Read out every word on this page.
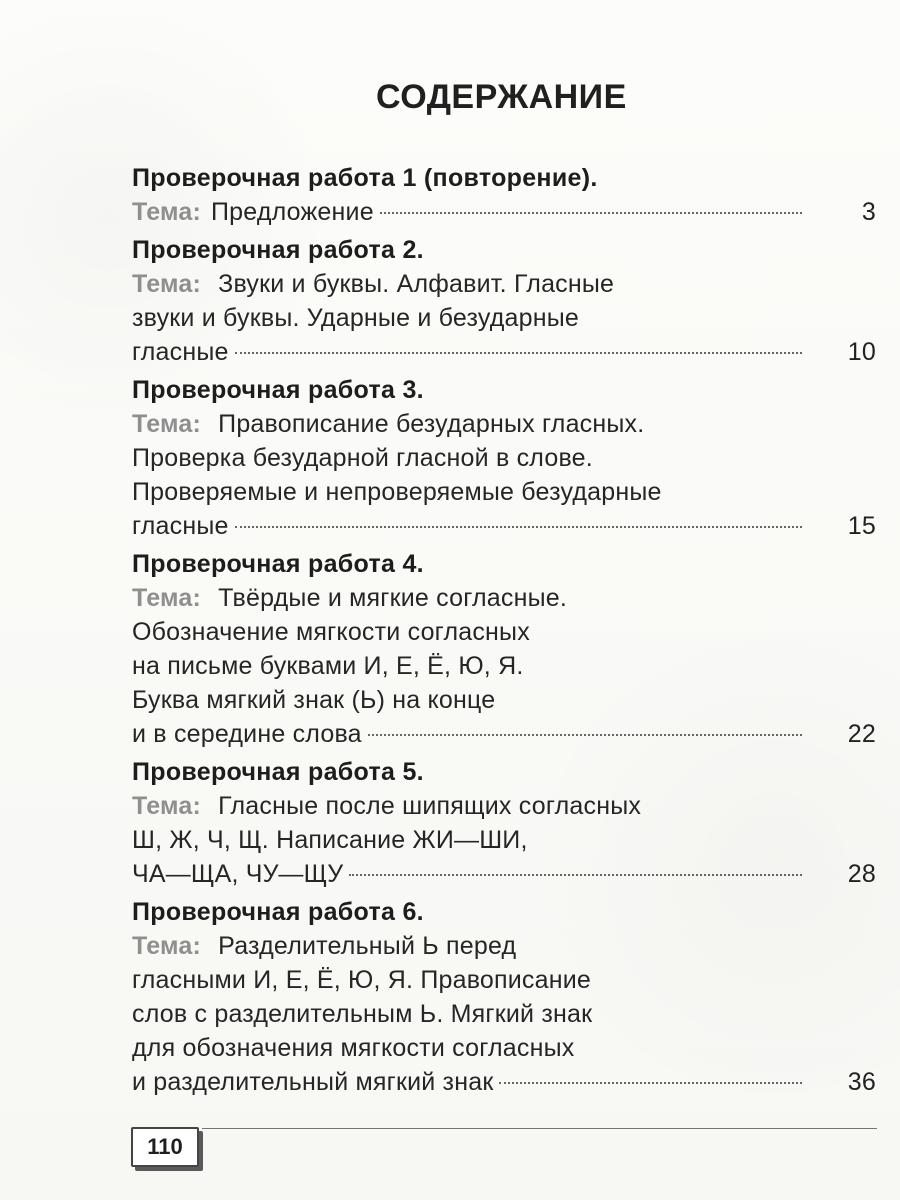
СОДЕРЖАНИЕ
Проверочная работа 1 (повторение).
Тема: Предложение	3
Проверочная работа 2.
Тема: Звуки и буквы. Алфавит. Гласные
звуки и буквы. Ударные и безударные
гласные	10
Проверочная работа 3.
Тема: Правописание безударных гласных.
Проверка безударной гласной в слове.
Проверяемые и непроверяемые безударные
гласные	15
Проверочная работа 4.
Тема: Твёрдые и мягкие согласные.
Обозначение мягкости согласных
на письме буквами И, Е, Ё, Ю, Я.
Буква мягкий знак (Ь) на конце
и в середине слова	22
Проверочная работа 5.
Тема: Гласные после шипящих согласных
Ш, Ж, Ч, Щ. Написание ЖИ—ШИ,
ЧА—ЩА, ЧУ—ЩУ	28
Проверочная работа 6.
Тема: Разделительный Ь перед
гласными И, Е, Ё, Ю, Я. Правописание
слов с разделительным Ь. Мягкий знак
для обозначения мягкости согласных
и разделительный мягкий знак	36
110
